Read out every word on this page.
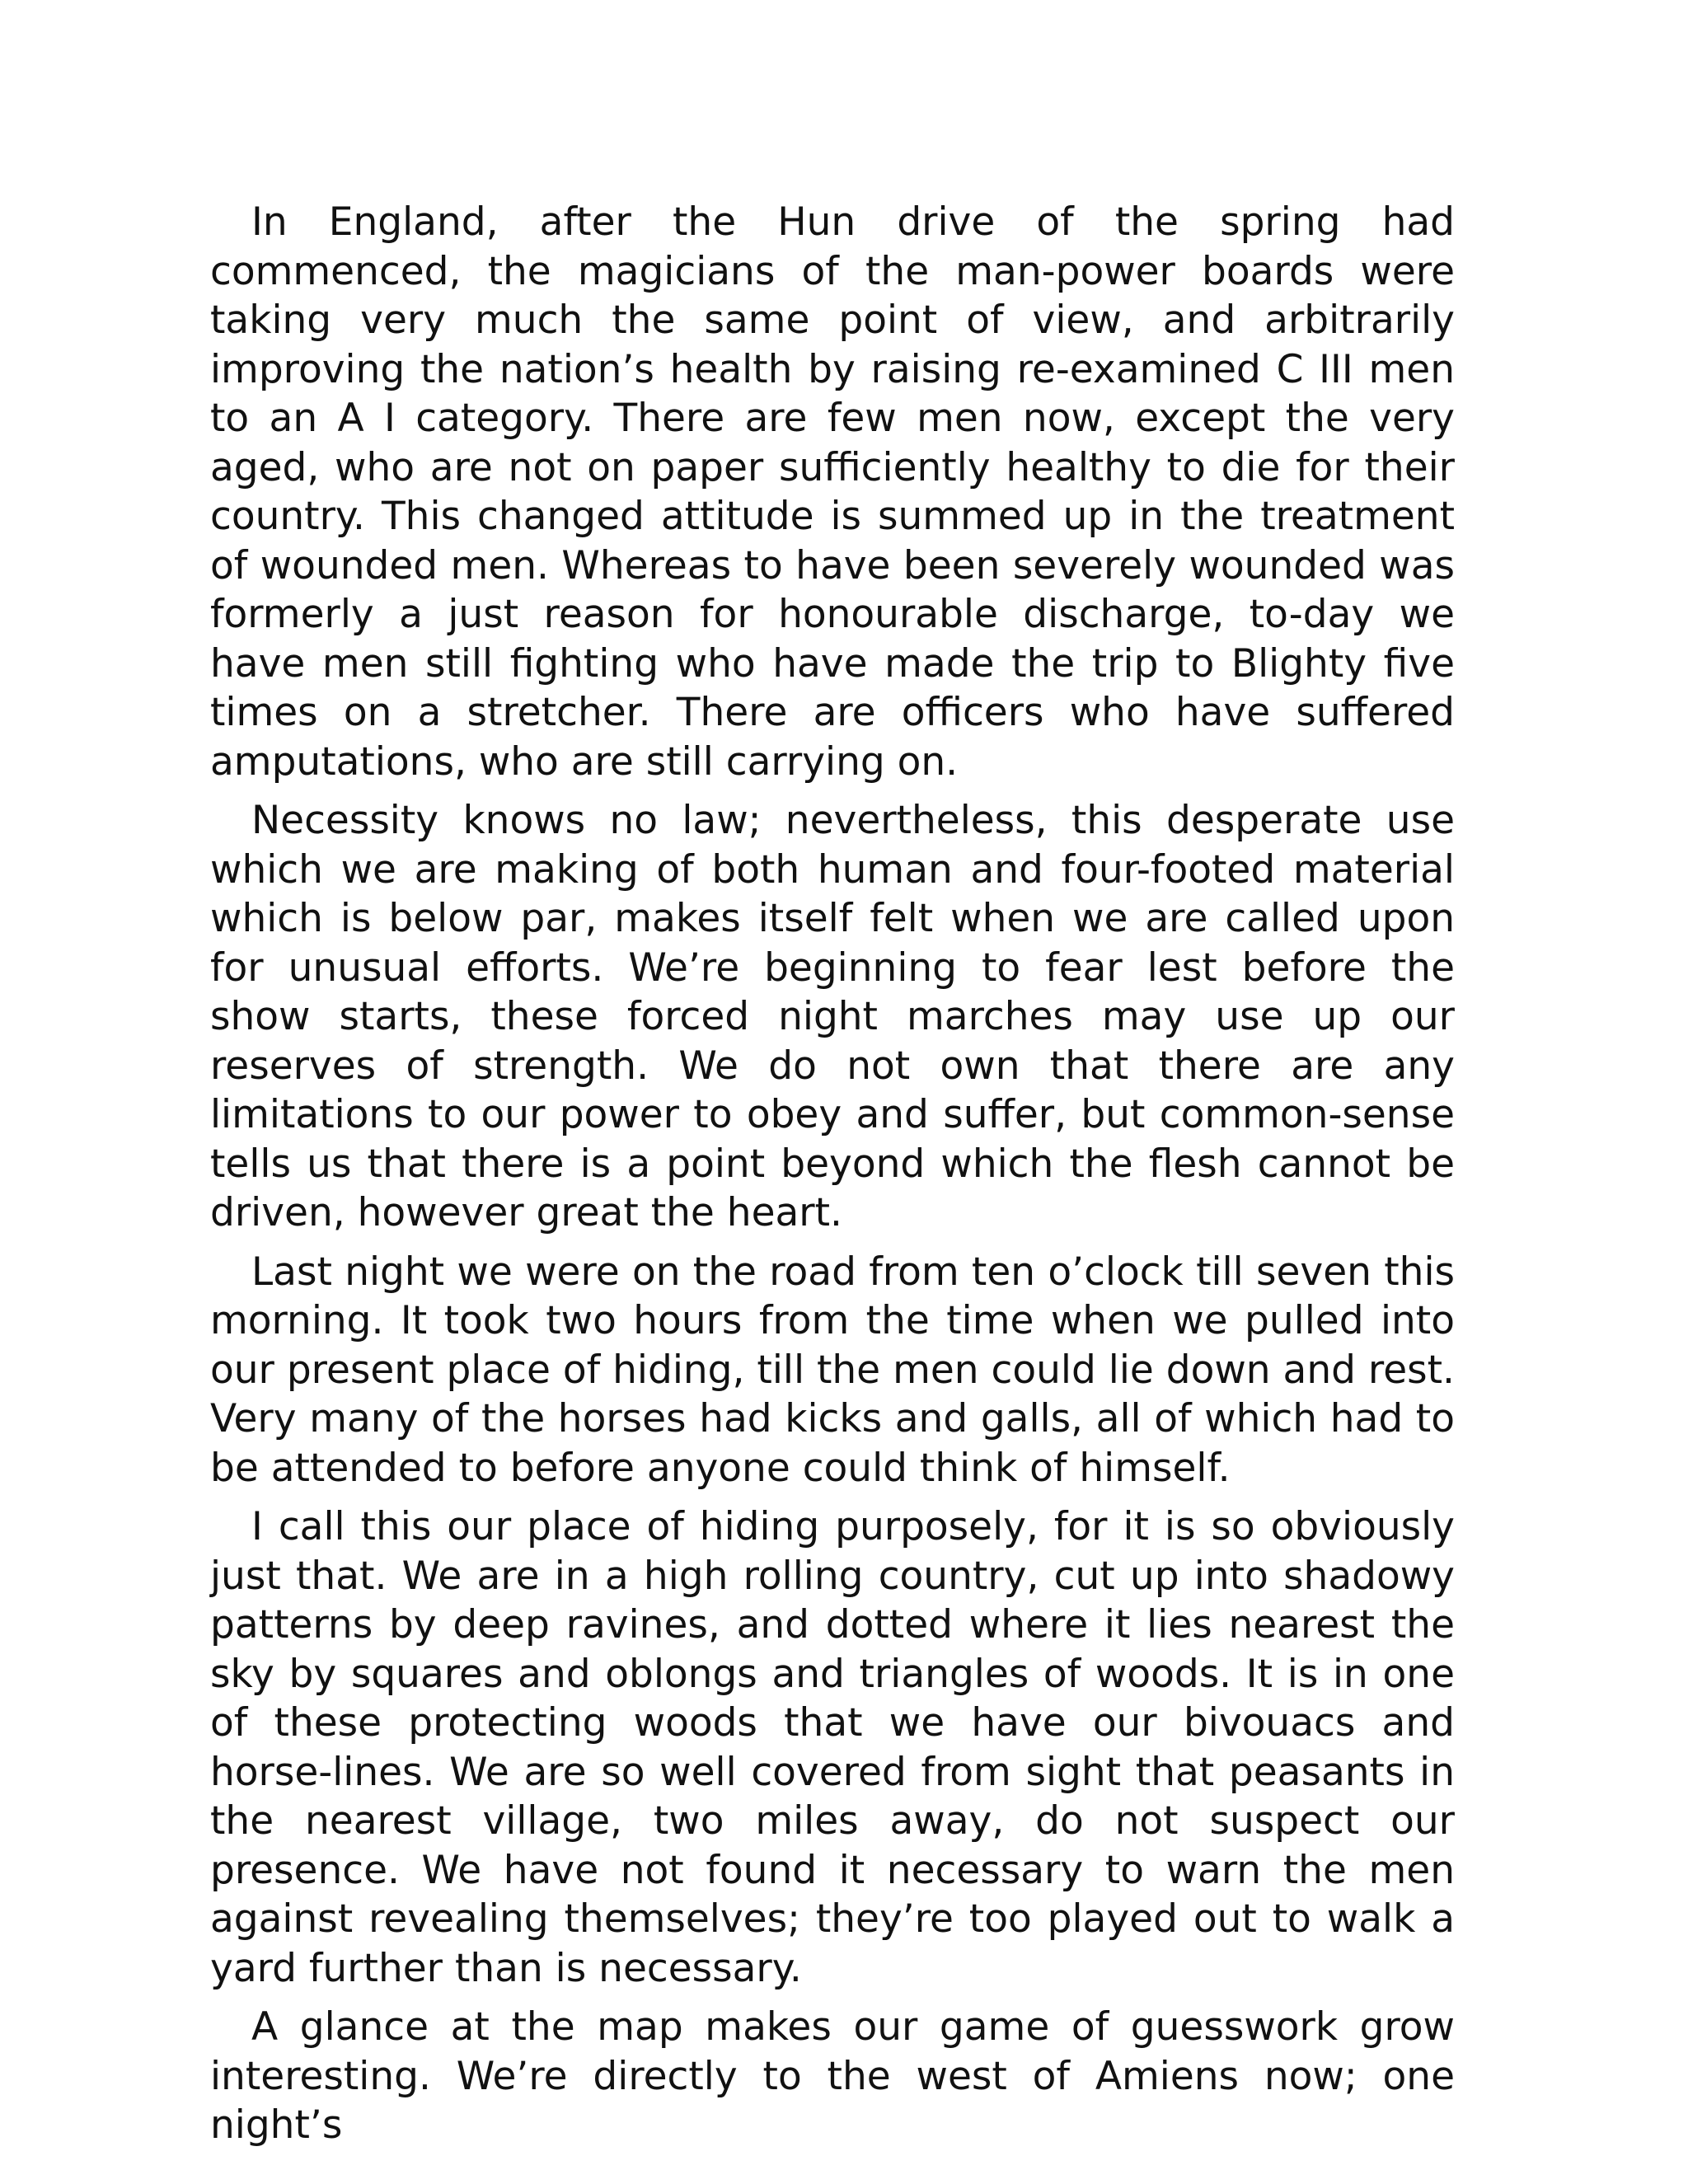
In England, after the Hun drive of the spring had commenced, the magicians of the man-power boards were taking very much the same point of view, and arbitrarily improving the nation’s health by raising re-examined C III men to an A I category. There are few men now, except the very aged, who are not on paper sufficiently healthy to die for their country. This changed attitude is summed up in the treatment of wounded men. Whereas to have been severely wounded was formerly a just reason for honourable discharge, to-day we have men still fighting who have made the trip to Blighty five times on a stretcher. There are officers who have suffered amputations, who are still carrying on.

Necessity knows no law; nevertheless, this desperate use which we are making of both human and four-footed material which is below par, makes itself felt when we are called upon for unusual efforts. We’re beginning to fear lest before the show starts, these forced night marches may use up our reserves of strength. We do not own that there are any limitations to our power to obey and suffer, but common-sense tells us that there is a point beyond which the flesh cannot be driven, however great the heart.

Last night we were on the road from ten o’clock till seven this morning. It took two hours from the time when we pulled into our present place of hiding, till the men could lie down and rest. Very many of the horses had kicks and galls, all of which had to be attended to before anyone could think of himself.

I call this our place of hiding purposely, for it is so obviously just that. We are in a high rolling country, cut up into shadowy patterns by deep ravines, and dotted where it lies nearest the sky by squares and oblongs and triangles of woods. It is in one of these protecting woods that we have our bivouacs and horse-lines. We are so well covered from sight that peasants in the nearest village, two miles away, do not suspect our presence. We have not found it necessary to warn the men against revealing themselves; they’re too played out to walk a yard further than is necessary.

A glance at the map makes our game of guesswork grow interesting. We’re directly to the west of Amiens now; one night’s
